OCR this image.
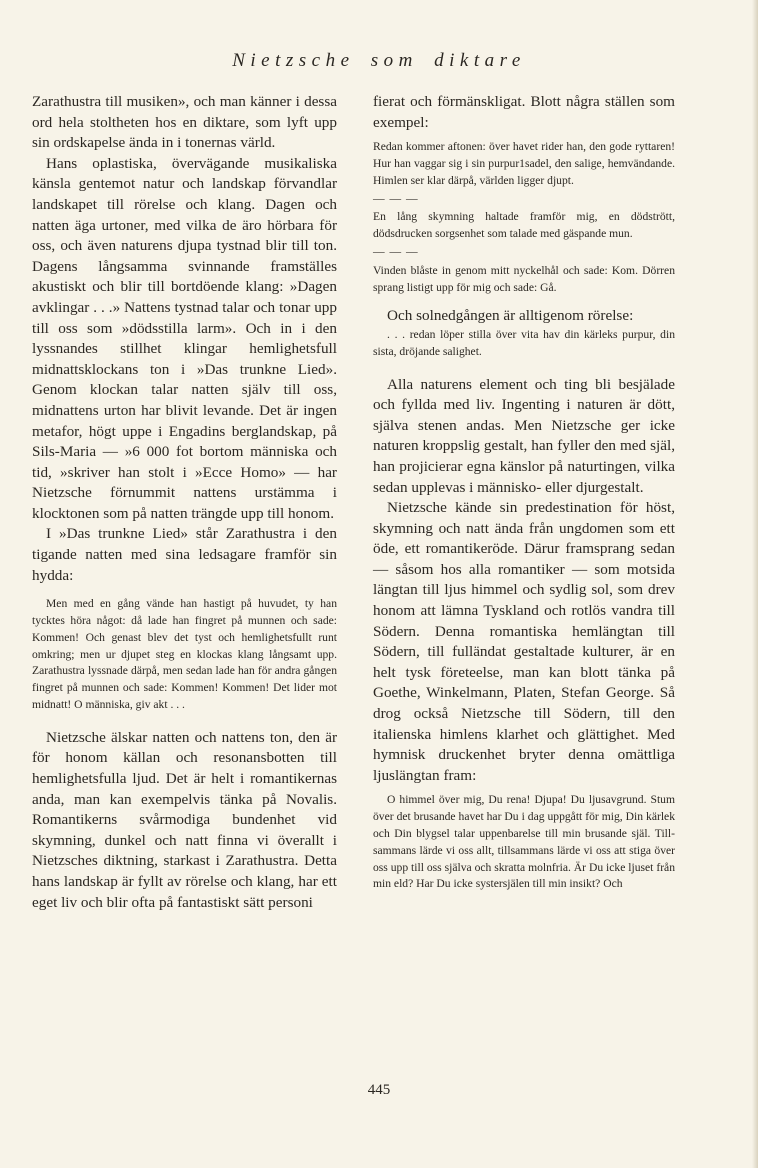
Nietzsche som diktare

Zarathustra till musiken», och man känner i dessa ord hela stoltheten hos en diktare, som lyft upp sin ordskapelse ända in i tonernas värld.

Hans oplastiska, övervägande musikaliska känsla gentemot natur och landskap förvandlar landskapet till rörelse och klang. Dagen och natten äga urtoner, med vilka de äro hörbara för oss, och även naturens djupa tystnad blir till ton. Dagens långsamma svinnande framställes akustiskt och blir till bortdöende klang: »Dagen avklingar . . .» Nattens tystnad talar och tonar upp till oss som »dödsstilla larm». Och in i den lyssnandes stillhet klingar hemlighetsfull midnattsklockans ton i »Das trunkne Lied». Genom klockan talar natten själv till oss, midnattens urton har blivit levande. Det är ingen metafor, högt uppe i Engadins berglandskap, på Sils-Maria — »6 000 fot bortom människa och tid, »skriver han stolt i »Ecce Homo» — har Nietzsche förnummit nattens urstämma i klocktonen som på natten trängde upp till honom.

I »Das trunkne Lied» står Zarathustra i den tigande natten med sina ledsagare framför sin hydda:

Men med en gång vände han hastigt på huvudet, ty han tycktes höra något: då lade han fingret på munnen och sade: Kommen! Och genast blev det tyst och hemlighetsfullt runt omkring; men ur djupet steg en klockas klang långsamt upp. Zarathustra lyssnade därpå, men sedan lade han för andra gången fingret på munnen och sade: Kommen! Kommen! Det lider mot midnatt! O människa, giv akt . . .

Nietzsche älskar natten och nattens ton, den är för honom källan och resonansbotten till hemlighetsfulla ljud. Det är helt i romantikernas anda, man kan exempelvis tänka på Novalis. Romantikerns svårmodiga bundenhet vid skymning, dunkel och natt finna vi överallt i Nietzsches diktning, starkast i Zarathustra. Detta hans landskap är fyllt av rörelse och klang, har ett eget liv och blir ofta på fantastiskt sätt personi

fierat och förmänskligat. Blott några ställen som exempel:

Redan kommer aftonen: över havet rider han, den gode ryttaren! Hur han vaggar sig i sin purpur1sadel, den salige, hemvändande. Himlen ser klar därpå, världen ligger djupt.

— — —

En lång skymning haltade framför mig, en dödstrött, dödsdrucken sorgsenhet som talade med gäspande mun.

— — —

Vinden blåste in genom mitt nyckelhål och sade: Kom. Dörren sprang listigt upp för mig och sade: Gå.

Och solnedgången är alltigenom rörelse:

. . . redan löper stilla över vita hav din kärleks purpur, din sista, dröjande salighet.

Alla naturens element och ting bli besjälade och fyllda med liv. Ingenting i naturen är dött, själva stenen andas. Men Nietzsche ger icke naturen kroppslig gestalt, han fyller den med själ, han projicierar egna känslor på naturtingen, vilka sedan upplevas i människo- eller djurgestalt.

Nietzsche kände sin predestination för höst, skymning och natt ända från ungdomen som ett öde, ett romantikeröde. Därur framsprang sedan — såsom hos alla romantiker — som motsida längtan till ljus himmel och sydlig sol, som drev honom att lämna Tyskland och rotlös vandra till Södern. Denna romantiska hemlängtan till Södern, till fulländat gestaltade kulturer, är en helt tysk företeelse, man kan blott tänka på Goethe, Winkelmann, Platen, Stefan George. Så drog också Nietzsche till Södern, till den italienska himlens klarhet och glättighet. Med hymnisk druckenhet bryter denna omättliga ljuslängtan fram:

O himmel över mig, Du rena! Djupa! Du ljusavgrund. Stum över det brusande havet har Du i dag uppgått för mig, Din kärlek och Din blygsel talar uppenbarelse till min brusande själ. Tillsammans lärde vi oss allt, tillsammans lärde vi oss att stiga över oss upp till oss själva och skratta molnfria. Är Du icke ljuset från min eld? Har Du icke systersjälen till min insikt? Och

445
